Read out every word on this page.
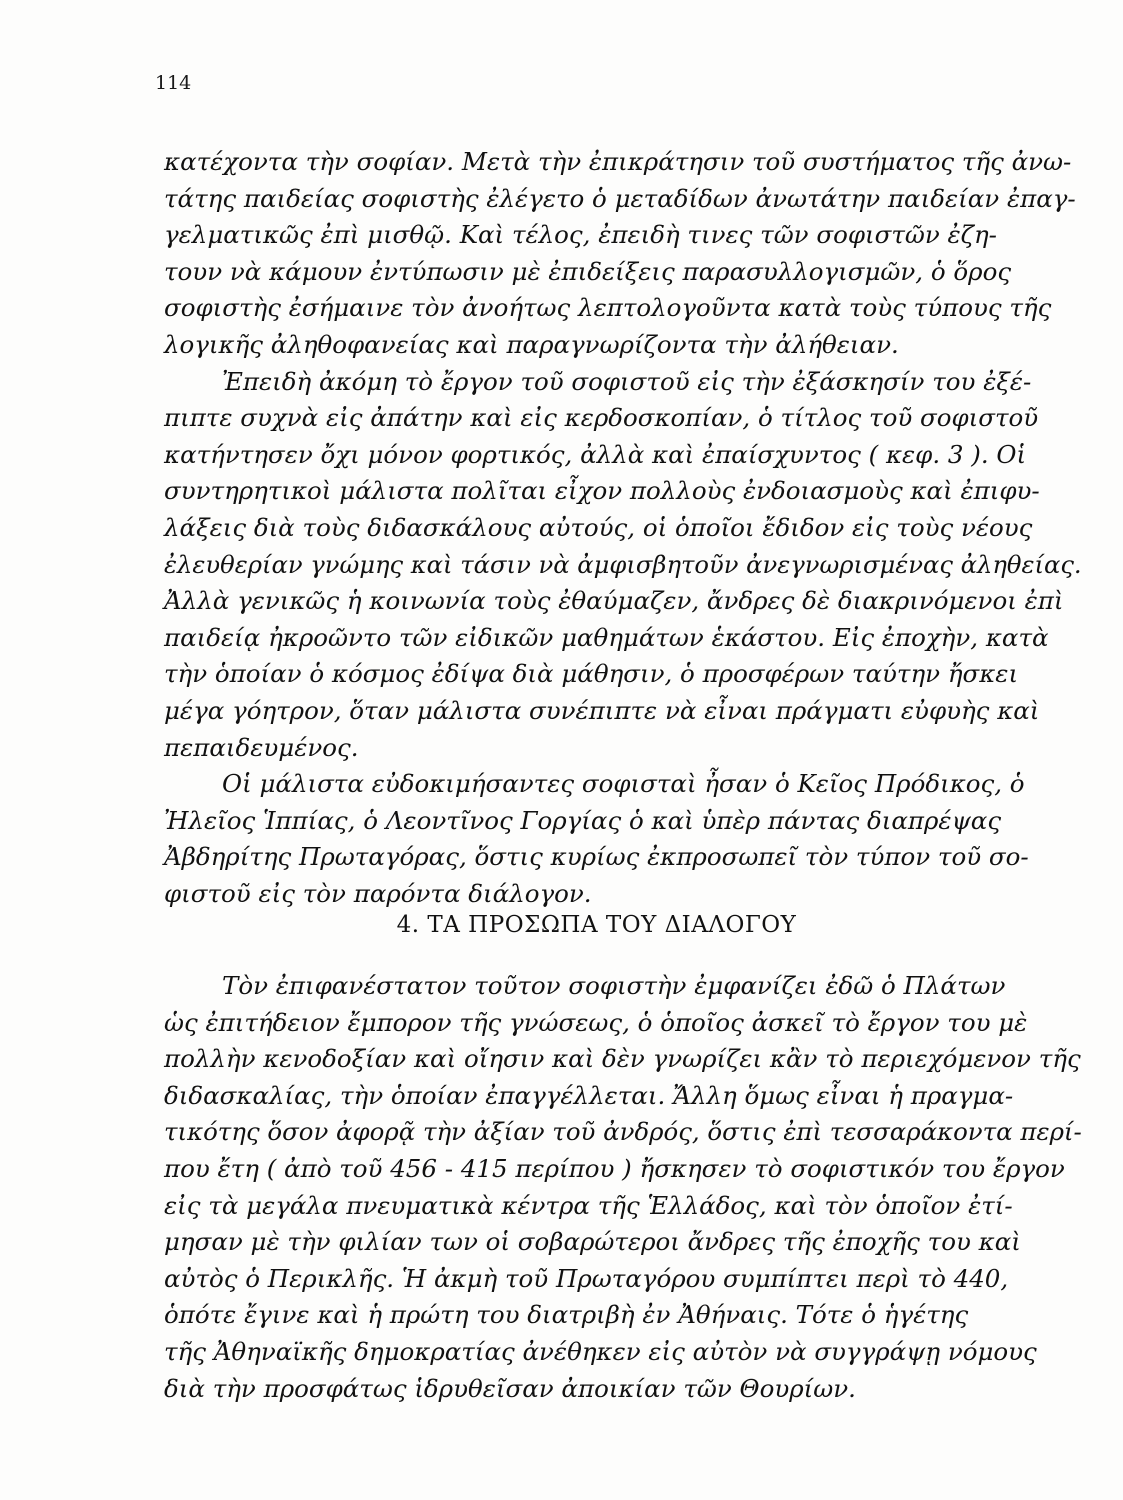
114
κατέχοντα τὴν σοφίαν. Μετὰ τὴν ἐπικράτησιν τοῦ συστήματος τῆς ἀνω-
τάτης παιδείας σοφιστὴς ἐλέγετο ὁ μεταδίδων ἀνωτάτην παιδείαν ἐπαγ-
γελματικῶς ἐπὶ μισθῷ. Καὶ τέλος, ἐπειδὴ τινες τῶν σοφιστῶν ἐζη-
τουν νὰ κάμουν ἐντύπωσιν μὲ ἐπιδείξεις παρασυλλογισμῶν, ὁ ὅρος
σοφιστὴς ἐσήμαινε τὸν ἀνοήτως λεπτολογοῦντα κατὰ τοὺς τύπους τῆς
λογικῆς ἀληθοφανείας καὶ παραγνωρίζοντα τὴν ἀλήθειαν.
Ἐπειδὴ ἀκόμη τὸ ἔργον τοῦ σοφιστοῦ εἰς τὴν ἐξάσκησίν του ἐξέ-
πιπτε συχνὰ εἰς ἀπάτην καὶ εἰς κερδοσκοπίαν, ὁ τίτλος τοῦ σοφιστοῦ
κατήντησεν ὄχι μόνον φορτικός, ἀλλὰ καὶ ἐπαίσχυντος ( κεφ. 3 ). Οἱ
συντηρητικοὶ μάλιστα πολῖται εἶχον πολλοὺς ἐνδοιασμοὺς καὶ ἐπιφυ-
λάξεις διὰ τοὺς διδασκάλους αὐτούς, οἱ ὁποῖοι ἔδιδον εἰς τοὺς νέους
ἐλευθερίαν γνώμης καὶ τάσιν νὰ ἀμφισβητοῦν ἀνεγνωρισμένας ἀληθείας.
Ἀλλὰ γενικῶς ἡ κοινωνία τοὺς ἐθαύμαζεν, ἄνδρες δὲ διακρινόμενοι ἐπὶ
παιδείᾳ ἠκροῶντο τῶν εἰδικῶν μαθημάτων ἑκάστου. Εἰς ἐποχὴν, κατὰ
τὴν ὁποίαν ὁ κόσμος ἐδίψα διὰ μάθησιν, ὁ προσφέρων ταύτην ἤσκει
μέγα γόητρον, ὅταν μάλιστα συνέπιπτε νὰ εἶναι πράγματι εὐφυὴς καὶ
πεπαιδευμένος.
Οἱ μάλιστα εὐδοκιμήσαντες σοφισταὶ ἦσαν ὁ Κεῖος Πρόδικος, ὁ
Ἠλεῖος Ἱππίας, ὁ Λεοντῖνος Γοργίας ὁ καὶ ὑπὲρ πάντας διαπρέψας
Ἀβδηρίτης Πρωταγόρας, ὅστις κυρίως ἐκπροσωπεῖ τὸν τύπον τοῦ σο-
φιστοῦ εἰς τὸν παρόντα διάλογον.
4. ΤΑ ΠΡΟΣΩΠΑ ΤΟΥ ΔΙΑΛΟΓΟΥ
Τὸν ἐπιφανέστατον τοῦτον σοφιστὴν ἐμφανίζει ἐδῶ ὁ Πλάτων
ὡς ἐπιτήδειον ἔμπορον τῆς γνώσεως, ὁ ὁποῖος ἀσκεῖ τὸ ἔργον του μὲ
πολλὴν κενοδοξίαν καὶ οἴησιν καὶ δὲν γνωρίζει κἂν τὸ περιεχόμενον τῆς
διδασκαλίας, τὴν ὁποίαν ἐπαγγέλλεται. Ἄλλη ὅμως εἶναι ἡ πραγμα-
τικότης ὅσον ἀφορᾷ τὴν ἀξίαν τοῦ ἀνδρός, ὅστις ἐπὶ τεσσαράκοντα περί-
που ἔτη ( ἀπὸ τοῦ 456 - 415 περίπου ) ἤσκησεν τὸ σοφιστικόν του ἔργον
εἰς τὰ μεγάλα πνευματικὰ κέντρα τῆς Ἑλλάδος, καὶ τὸν ὁποῖον ἐτί-
μησαν μὲ τὴν φιλίαν των οἱ σοβαρώτεροι ἄνδρες τῆς ἐποχῆς του καὶ
αὐτὸς ὁ Περικλῆς. Ἡ ἀκμὴ τοῦ Πρωταγόρου συμπίπτει περὶ τὸ 440,
ὁπότε ἔγινε καὶ ἡ πρώτη του διατριβὴ ἐν Ἀθήναις. Τότε ὁ ἡγέτης
τῆς Ἀθηναϊκῆς δημοκρατίας ἀνέθηκεν εἰς αὐτὸν νὰ συγγράψῃ νόμους
διὰ τὴν προσφάτως ἱδρυθεῖσαν ἀποικίαν τῶν Θουρίων.
